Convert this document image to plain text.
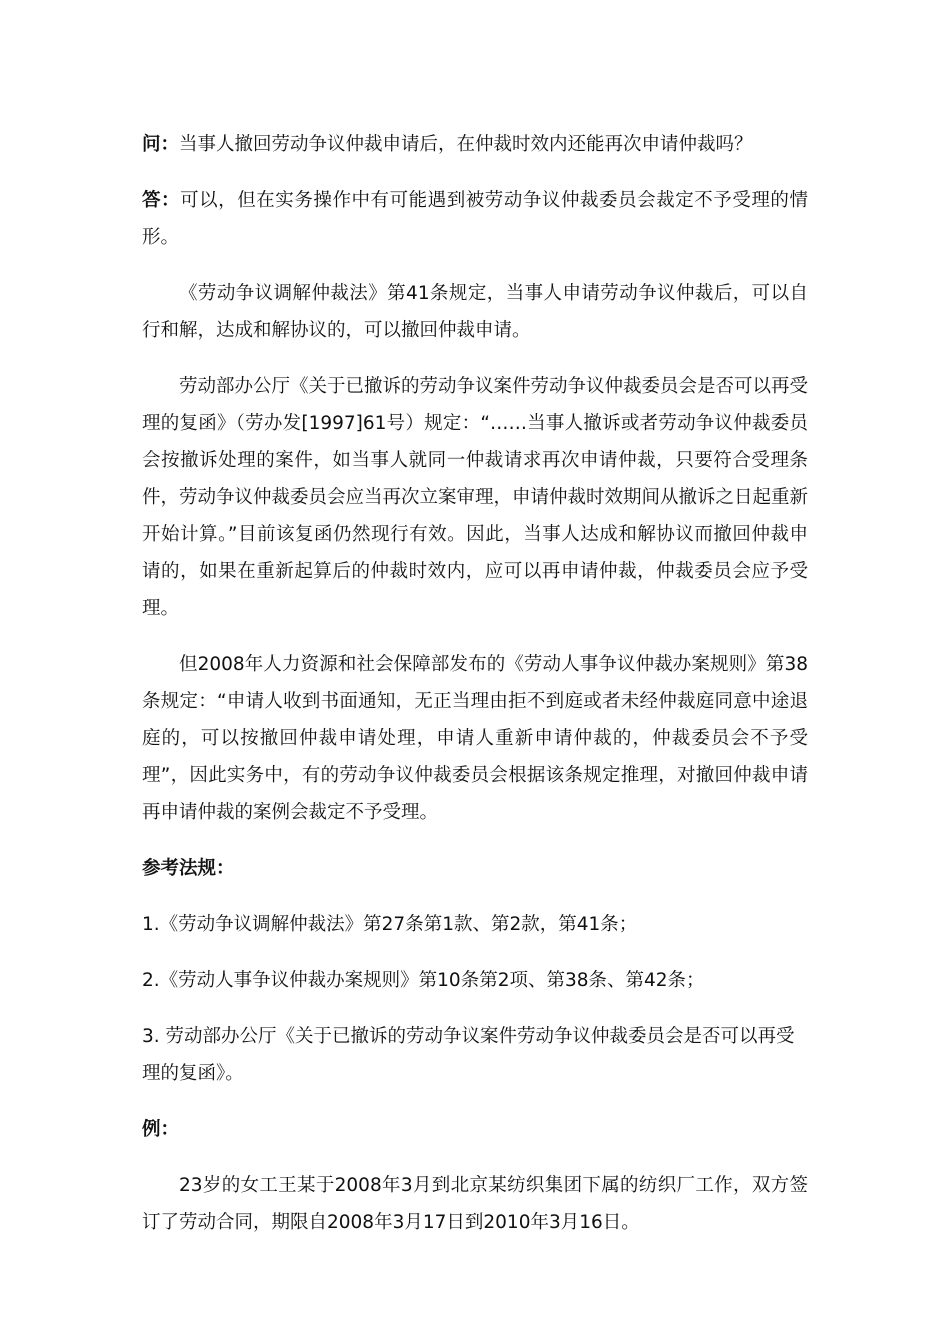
问：当事人撤回劳动争议仲裁申请后，在仲裁时效内还能再次申请仲裁吗？

答：可以，但在实务操作中有可能遇到被劳动争议仲裁委员会裁定不予受理的情形。

《劳动争议调解仲裁法》第41条规定，当事人申请劳动争议仲裁后，可以自行和解，达成和解协议的，可以撤回仲裁申请。

劳动部办公厅《关于已撤诉的劳动争议案件劳动争议仲裁委员会是否可以再受理的复函》（劳办发[1997]61号）规定：“……当事人撤诉或者劳动争议仲裁委员会按撤诉处理的案件，如当事人就同一仲裁请求再次申请仲裁，只要符合受理条件，劳动争议仲裁委员会应当再次立案审理，申请仲裁时效期间从撤诉之日起重新开始计算。”目前该复函仍然现行有效。因此，当事人达成和解协议而撤回仲裁申请的，如果在重新起算后的仲裁时效内，应可以再申请仲裁，仲裁委员会应予受理。

但2008年人力资源和社会保障部发布的《劳动人事争议仲裁办案规则》第38条规定：“申请人收到书面通知，无正当理由拒不到庭或者未经仲裁庭同意中途退庭的，可以按撤回仲裁申请处理，申请人重新申请仲裁的，仲裁委员会不予受理”，因此实务中，有的劳动争议仲裁委员会根据该条规定推理，对撤回仲裁申请再申请仲裁的案例会裁定不予受理。

参考法规：

1.《劳动争议调解仲裁法》第27条第1款、第2款，第41条；

2.《劳动人事争议仲裁办案规则》第10条第2项、第38条、第42条；

3. 劳动部办公厅《关于已撤诉的劳动争议案件劳动争议仲裁委员会是否可以再受理的复函》。

例：

23岁的女工王某于2008年3月到北京某纺织集团下属的纺织厂工作，双方签订了劳动合同，期限自2008年3月17日到2010年3月16日。
